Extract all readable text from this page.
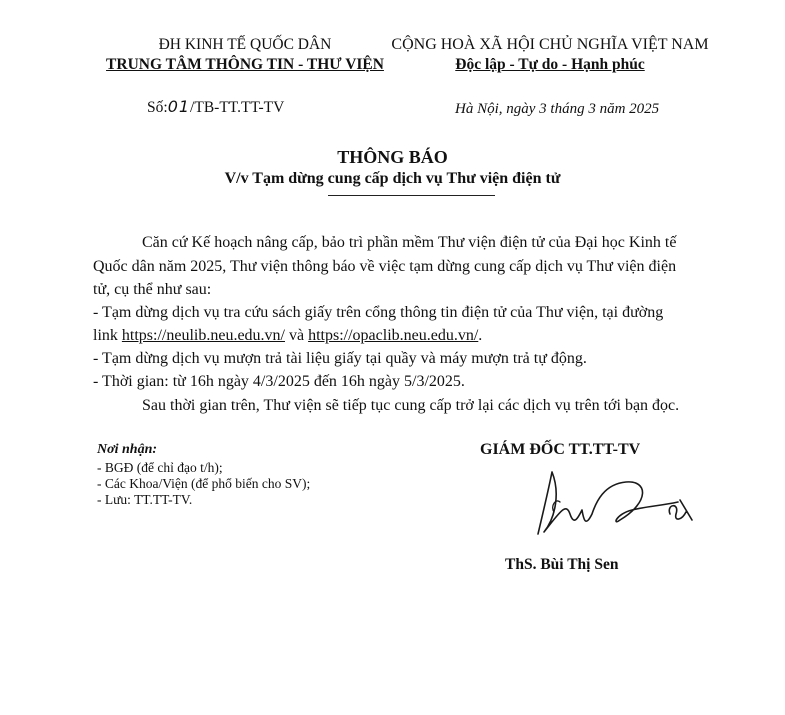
ĐH KINH TẾ QUỐC DÂN
TRUNG TÂM THÔNG TIN - THƯ VIỆN
CỘNG HOÀ XÃ HỘI CHỦ NGHĨA VIỆT NAM
Độc lập - Tự do - Hạnh phúc
Số:01/TB-TT.TT-TV	Hà Nội, ngày 3 tháng 3 năm 2025
THÔNG BÁO
V/v Tạm dừng cung cấp dịch vụ Thư viện điện tử
Căn cứ Kế hoạch nâng cấp, bảo trì phần mềm Thư viện điện tử của Đại học Kinh tế
Quốc dân năm 2025, Thư viện thông báo về việc tạm dừng cung cấp dịch vụ Thư viện điện
tử, cụ thể như sau:
- Tạm dừng dịch vụ tra cứu sách giấy trên cổng thông tin điện tử của Thư viện, tại đường
link https://neulib.neu.edu.vn/ và https://opaclib.neu.edu.vn/.
- Tạm dừng dịch vụ mượn trả tài liệu giấy tại quầy và máy mượn trả tự động.
- Thời gian: từ 16h ngày 4/3/2025 đến 16h ngày 5/3/2025.
Sau thời gian trên, Thư viện sẽ tiếp tục cung cấp trở lại các dịch vụ trên tới bạn đọc.
Nơi nhận:
- BGĐ (để chỉ đạo t/h);
- Các Khoa/Viện (để phổ biến cho SV);
- Lưu: TT.TT-TV.
GIÁM ĐỐC TT.TT-TV
ThS. Bùi Thị Sen
